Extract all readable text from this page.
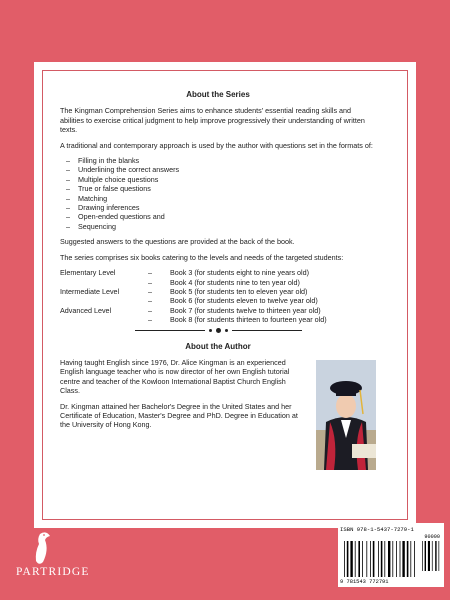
About the Series

The Kingman Comprehension Series aims to enhance students' essential reading skills and abilities to exercise critical judgment to help improve progressively their understanding of written texts.

A traditional and contemporary approach is used by the author with questions set in the formats of:

–	Filling in the blanks
–	Underlining the correct answers
–	Multiple choice questions
–	True or false questions
–	Matching
–	Drawing inferences
–	Open-ended questions and
–	Sequencing

Suggested answers to the questions are provided at the back of the book.

The series comprises six books catering to the levels and needs of the targeted students:

Elementary Level	–	Book 3 (for students eight to nine years old)
	–	Book 4 (for students nine to ten year old)
Intermediate Level	–	Book 5 (for students ten to eleven year old)
	–	Book 6 (for students eleven to twelve year old)
Advanced Level	–	Book 7 (for students twelve to thirteen year old)
	–	Book 8 (for students thirteen to fourteen year old)
About the Author

Having taught English since 1976, Dr. Alice Kingman is an experienced English language teacher who is now director of her own English tutorial centre and teacher of the Kowloon International Baptist Church English Class.

Dr. Kingman attained her Bachelor's Degree in the United States and her Certificate of Education, Master's Degree and PhD. Degree in Education at the University of Hong Kong.

ISBN 978-1-5437-7279-1
90000
9 781543 772791
PARTRIDGE
